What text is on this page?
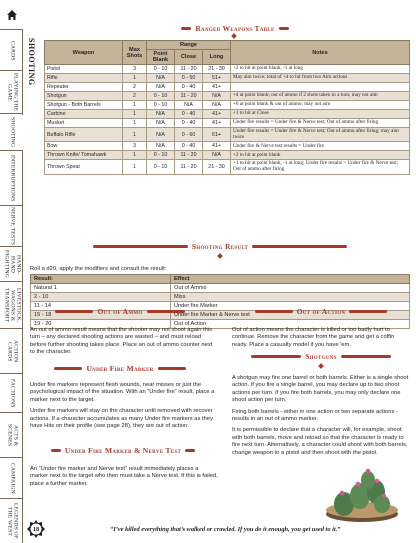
CARDS
PLAYING THE GAME
SHOOTING
INTERRUPTIONS
NERVE TESTS
HAND-HAND FIGHTING
LIVESTOCK, WAGONS & TRANSPORT
ACTION CARDS
FACTIONS
ACTS & SCENES
CAMPAIGN
LEGENDS OF THE WEST
SHOOTING
Ranged Weapons Table
Weapon	Max Shots	Range			Notes
		Point Blank	Close	Long	
Pistol	3	0 - 10	11 - 20	21 - 30	+2 to hit at point blank, -1 at long
Rifle	1	N/A	0 - 50	51+	May aim twice; total of +4 to hit from two Aim actions
Repeater	2	N/A	0 - 40	41+	
Shotgun	2	0 - 10	11 - 20	N/A	+4 at point blank; out of ammo if 2 shots taken in a turn; may not aim
Shotgun - Both Barrels	1	0 - 10	N/A	N/A	+6 at point blank & out of ammo; may not aim
Carbine	1	N/A	0 - 40	41+	+1 to hit at Close
Musket	1	N/A	0 - 40	41+	Under fire results = Under fire & Nerve test; Out of ammo after firing
Buffalo Rifle	1	N/A	0 - 60	61+	Under fire results = Under fire & Nerve test; Out of ammo after firing; may aim twice
Bow	3	N/A	0 - 40	41+	Under fire & Nerve test results = Under fire
Thrown Knife/ Tomahawk	1	0 - 10	11 - 20	N/A	+2 to hit at point blank
Thrown Spear	1	0 - 10	11 - 20	21 - 30	+1 to hit at point blank, -1 at long; Under fire results = Under fire & Nerve test; Out of ammo after firing
Shooting Result
Roll a d20, apply the modifiers and consult the result:
Result:	Effect
Natural 1	Out of Ammo
2 - 10	Miss
11 - 14	Under fire Marker
15 - 18	Under fire Marker & Nerve test
19 - 20	Out of Action
Out of Ammo

An out of ammo result means that the shooter may not shoot again this turn – any declared shooting actions are wasted – and must reload before further shooting takes place. Place an out of ammo counter next to the character.

Under Fire Marker

Under fire markers represent flesh wounds, near misses or just the psychological impact of the situation. With an “Under fire” result, place a marker next to the target.

Under fire markers will stay on the character until removed with recover actions. If a character accumulates as many Under fire markers as they have Hits on their profile (see page 28), they are out of action.

Under Fire Marker & Nerve Test

An “Under fire marker and Nerve test” result immediately places a marker next to the target who then must take a Nerve test. If this is failed, place a further marker.

Out of Action

Out of action means the character is killed or too badly hurt to continue. Remove the character from the game and get a coffin ready. Place a casualty model if you have 'em.

Shotguns

A shotgun may fire one barrel or both barrels. Either is a single shoot action. If you fire a single barrel, you may declare up to two shoot actions per turn. If you fire both barrels, you may only declare one shoot action per turn.

Firing both barrels - either in one action or two separate actions - results in an out of ammo marker.

It is permissible to declare that a character will, for example, shoot with both barrels, move and reload so that the character is ready to fire next turn. Alternatively, a character could shoot with both barrels, change weapon to a pistol and then shoot with the pistol.

18	“I’ve killed everything that’s walked or crawled. If you do it enough, you get used to it.”
